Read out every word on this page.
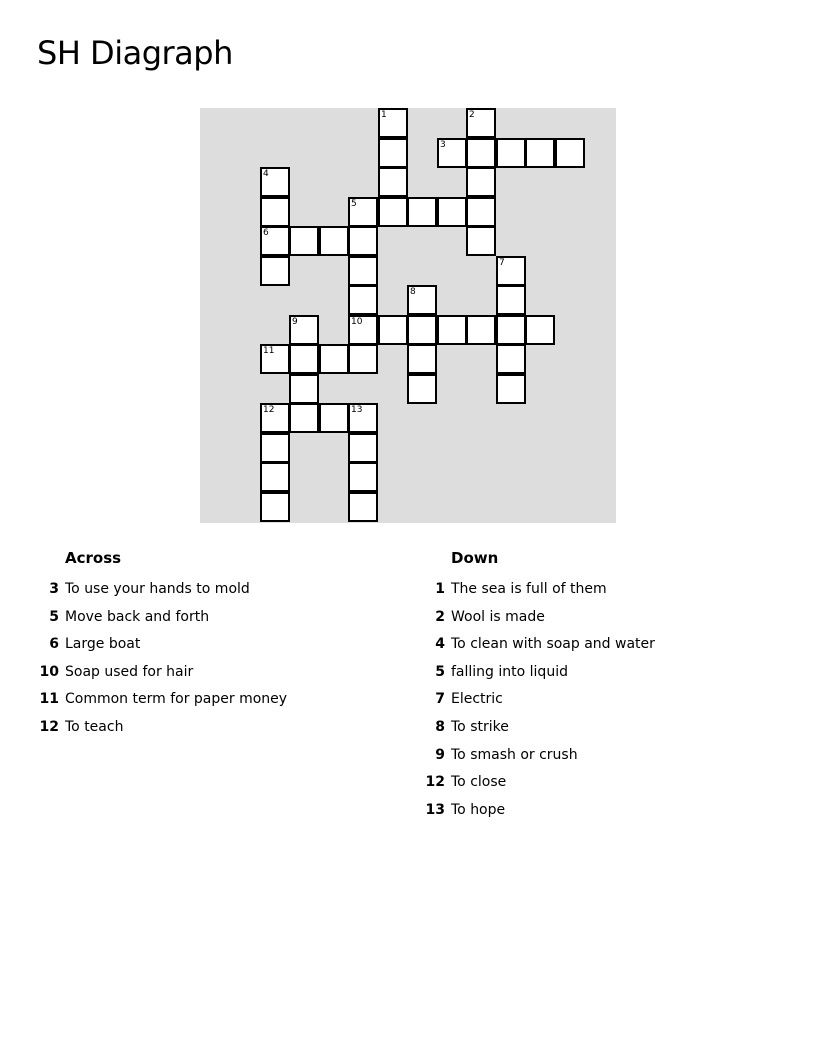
SH Diagraph
1	2
3
4
5
6
7
8
9	10
11
12	13
Across
3 To use your hands to mold
5 Move back and forth
6 Large boat
10 Soap used for hair
11 Common term for paper money
12 To teach
Down
1 The sea is full of them
2 Wool is made
4 To clean with soap and water
5 falling into liquid
7 Electric
8 To strike
9 To smash or crush
12 To close
13 To hope
